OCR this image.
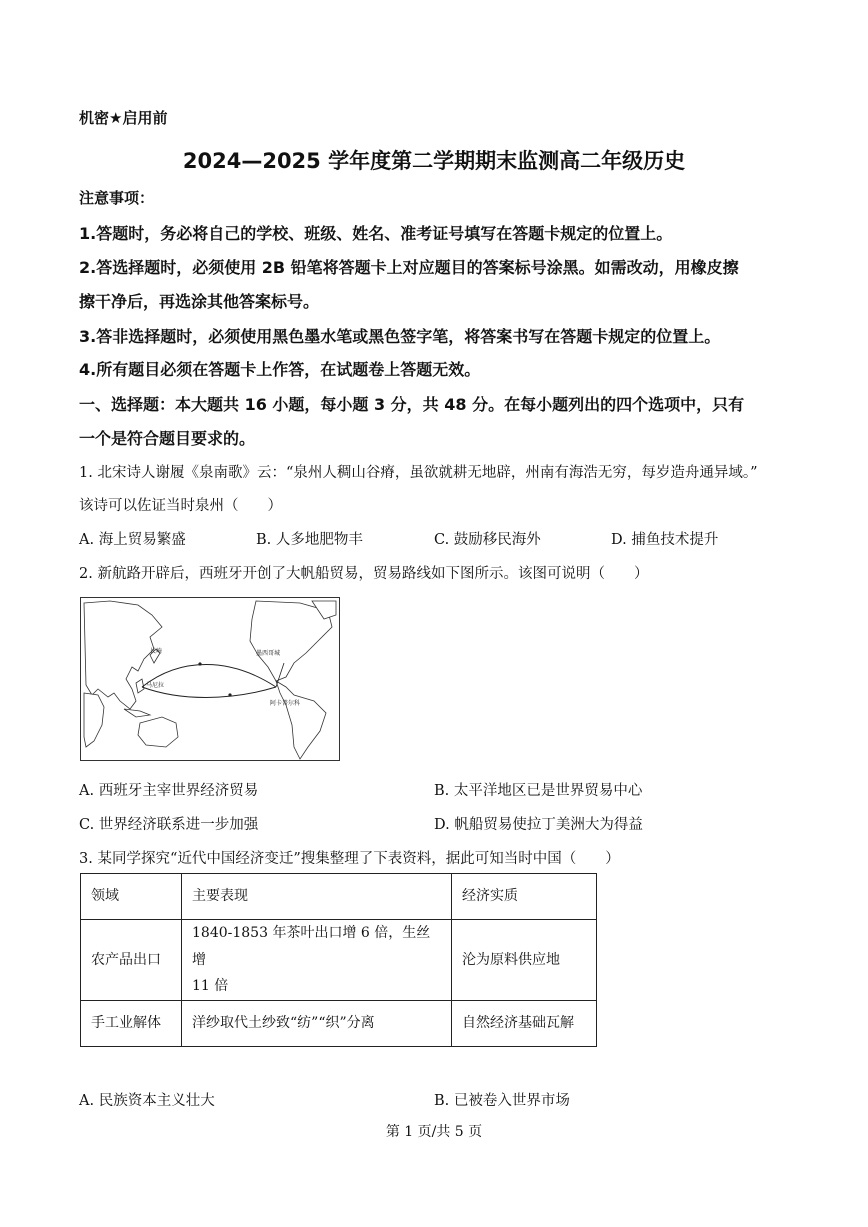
机密★启用前
2024—2025 学年度第二学期期末监测高二年级历史
注意事项：
1.答题时，务必将自己的学校、班级、姓名、准考证号填写在答题卡规定的位置上。
2.答选择题时，必须使用 2B 铅笔将答题卡上对应题目的答案标号涂黑。如需改动，用橡皮擦
擦干净后，再选涂其他答案标号。
3.答非选择题时，必须使用黑色墨水笔或黑色签字笔，将答案书写在答题卡规定的位置上。
4.所有题目必须在答题卡上作答，在试题卷上答题无效。
一、选择题：本大题共 16 小题，每小题 3 分，共 48 分。在每小题列出的四个选项中，只有
一个是符合题目要求的。
1. 北宋诗人谢履《泉南歌》云：“泉州人稠山谷瘠，虽欲就耕无地辟，州南有海浩无穷，每岁造舟通异域。”
该诗可以佐证当时泉州（　　）
A. 海上贸易繁盛	B. 人多地肥物丰	C. 鼓励移民海外	D. 捕鱼技术提升
2. 新航路开辟后，西班牙开创了大帆船贸易，贸易路线如下图所示。该图可说明（　　）
长崎
马尼拉
墨西哥城
阿卡普尔科
A. 西班牙主宰世界经济贸易	B. 太平洋地区已是世界贸易中心
C. 世界经济联系进一步加强	D. 帆船贸易使拉丁美洲大为得益
3. 某同学探究“近代中国经济变迁”搜集整理了下表资料，据此可知当时中国（　　）
领域	主要表现	经济实质
农产品出口	1840-1853 年茶叶出口增 6 倍，生丝增
11 倍	沦为原料供应地
手工业解体	洋纱取代土纱致“纺”“织”分离	自然经济基础瓦解
A. 民族资本主义壮大	B. 已被卷入世界市场
第 1 页/共 5 页
